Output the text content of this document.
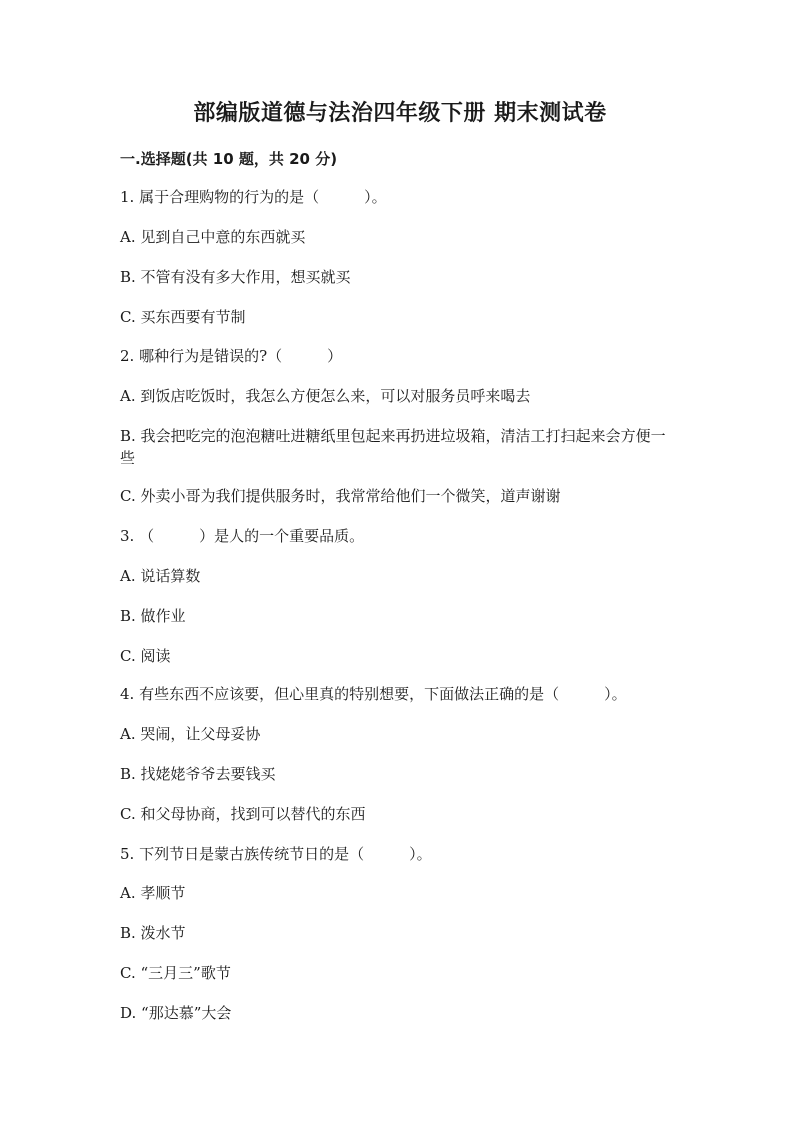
部编版道德与法治四年级下册 期末测试卷
一.选择题(共 10 题，共 20 分)
1. 属于合理购物的行为的是（　　　）。
A. 见到自己中意的东西就买
B. 不管有没有多大作用，想买就买
C. 买东西要有节制
2. 哪种行为是错误的?（　　　）
A. 到饭店吃饭时，我怎么方便怎么来，可以对服务员呼来喝去
B. 我会把吃完的泡泡糖吐进糖纸里包起来再扔进垃圾箱，清洁工打扫起来会方便一些
C. 外卖小哥为我们提供服务时，我常常给他们一个微笑，道声谢谢
3. （　　　）是人的一个重要品质。
A. 说话算数
B. 做作业
C. 阅读
4. 有些东西不应该要，但心里真的特别想要，下面做法正确的是（　　　）。
A. 哭闹，让父母妥协
B. 找姥姥爷爷去要钱买
C. 和父母协商，找到可以替代的东西
5. 下列节日是蒙古族传统节日的是（　　　）。
A. 孝顺节
B. 泼水节
C. “三月三”歌节
D. “那达慕”大会
